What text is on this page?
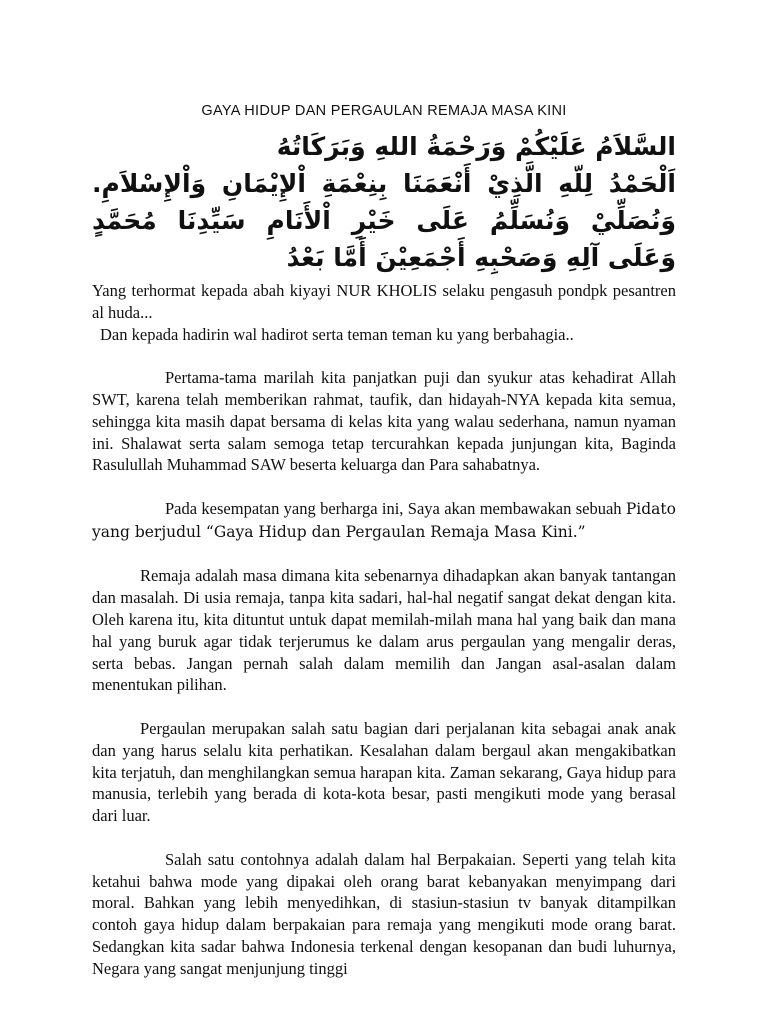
GAYA HIDUP DAN PERGAULAN REMAJA MASA KINI

السَّلاَمُ عَلَيْكُمْ وَرَحْمَةُ اللهِ وَبَرَكَاتُهُ

اَلْحَمْدُ لِلّهِ الَّذِيْ أَنْعَمَنَا بِنِعْمَةِ اْلإِيْمَانِ وَاْلإِسْلاَمِ. وَنُصَلِّيْ وَنُسَلِّمُ عَلَى خَيْرِ اْلأَنَامِ سَيِّدِنَا مُحَمَّدٍ وَعَلَى آلِهِ وَصَحْبِهِ أَجْمَعِيْنَ أَمَّا بَعْدُ

Yang terhormat kepada abah kiyayi NUR KHOLIS selaku pengasuh pondpk pesantren al huda...

Dan kepada hadirin wal hadirot serta teman teman ku yang berbahagia..

Pertama-tama marilah kita panjatkan puji dan syukur atas kehadirat Allah SWT, karena telah memberikan rahmat, taufik, dan hidayah-NYA kepada kita semua, sehingga kita masih dapat bersama di kelas kita yang walau sederhana, namun nyaman ini. Shalawat serta salam semoga tetap tercurahkan kepada junjungan kita, Baginda Rasulullah Muhammad SAW beserta keluarga dan Para sahabatnya.

Pada kesempatan yang berharga ini, Saya akan membawakan sebuah Pidato yang berjudul “Gaya Hidup dan Pergaulan Remaja Masa Kini.”

Remaja adalah masa dimana kita sebenarnya dihadapkan akan banyak tantangan dan masalah. Di usia remaja, tanpa kita sadari, hal-hal negatif sangat dekat dengan kita. Oleh karena itu, kita dituntut untuk dapat memilah-milah mana hal yang baik dan mana hal yang buruk agar tidak terjerumus ke dalam arus pergaulan yang mengalir deras, serta bebas. Jangan pernah salah dalam memilih dan Jangan asal-asalan dalam menentukan pilihan.

Pergaulan merupakan salah satu bagian dari perjalanan kita sebagai anak anak dan yang harus selalu kita perhatikan. Kesalahan dalam bergaul akan mengakibatkan kita terjatuh, dan menghilangkan semua harapan kita. Zaman sekarang, Gaya hidup para manusia, terlebih yang berada di kota-kota besar, pasti mengikuti mode yang berasal dari luar.

Salah satu contohnya adalah dalam hal Berpakaian. Seperti yang telah kita ketahui bahwa mode yang dipakai oleh orang barat kebanyakan menyimpang dari moral. Bahkan yang lebih menyedihkan, di stasiun-stasiun tv banyak ditampilkan contoh gaya hidup dalam berpakaian para remaja yang mengikuti mode orang barat. Sedangkan kita sadar bahwa Indonesia terkenal dengan kesopanan dan budi luhurnya, Negara yang sangat menjunjung tinggi
